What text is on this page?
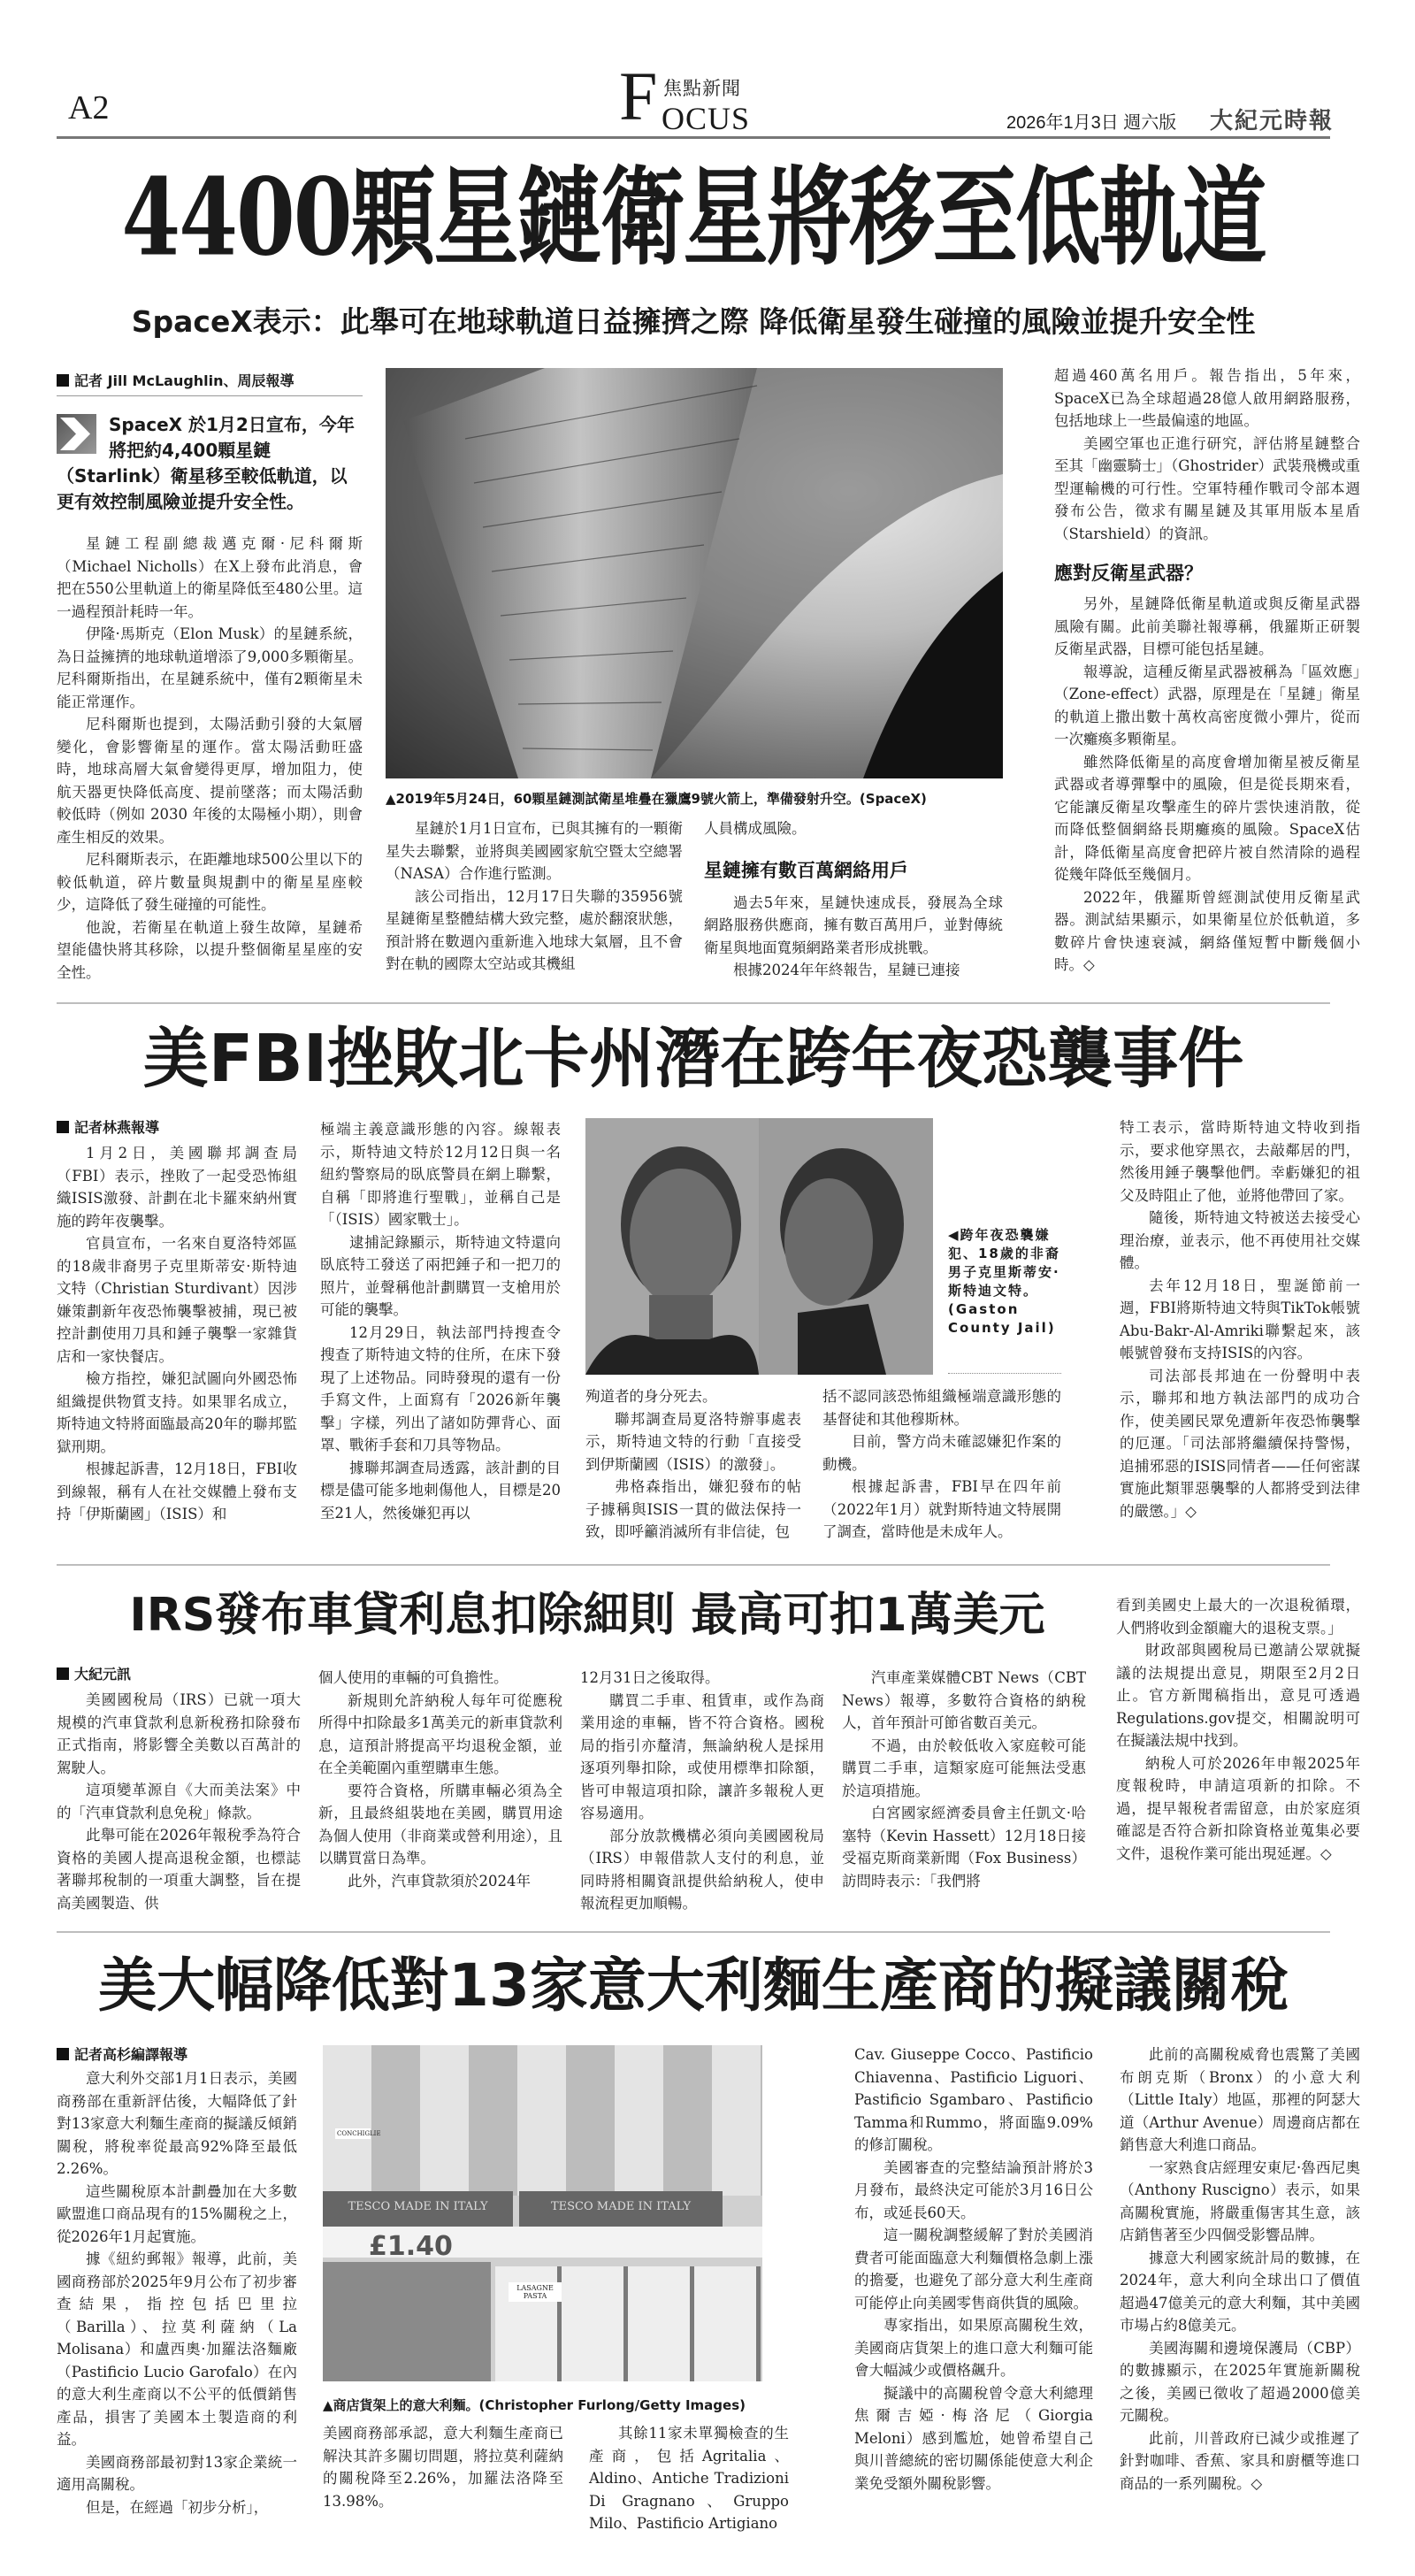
A2	F 焦點新聞
OCUS	2026年1月3日 週六版 大紀元時報
4400顆星鏈衛星將移至低軌道
SpaceX表示：此舉可在地球軌道日益擁擠之際 降低衛星發生碰撞的風險並提升安全性
記者 Jill McLaughlin、周辰報導
SpaceX 於1月2日宣布，今年將把約4,400顆星鏈（Starlink）衛星移至較低軌道，以更有效控制風險並提升安全性。

星鏈工程副總裁邁克爾·尼科爾斯（Michael Nicholls）在X上發布此消息，會把在550公里軌道上的衛星降低至480公里。這一過程預計耗時一年。

伊隆·馬斯克（Elon Musk）的星鏈系統，為日益擁擠的地球軌道增添了9,000多顆衛星。尼科爾斯指出，在星鏈系統中，僅有2顆衛星未能正常運作。

尼科爾斯也提到，太陽活動引發的大氣層變化，會影響衛星的運作。當太陽活動旺盛時，地球高層大氣會變得更厚，增加阻力，使航天器更快降低高度、提前墜落；而太陽活動較低時（例如 2030 年後的太陽極小期），則會產生相反的效果。

尼科爾斯表示，在距離地球500公里以下的較低軌道，碎片數量與規劃中的衛星星座較少，這降低了發生碰撞的可能性。

他說，若衛星在軌道上發生故障，星鏈希望能儘快將其移除，以提升整個衛星星座的安全性。

▲2019年5月24日，60顆星鏈測試衛星堆疊在獵鷹9號火箭上，準備發射升空。(SpaceX)

星鏈於1月1日宣布，已與其擁有的一顆衛星失去聯繫，並將與美國國家航空暨太空總署（NASA）合作進行監測。

該公司指出，12月17日失聯的35956號星鏈衛星整體結構大致完整，處於翻滾狀態，預計將在數週內重新進入地球大氣層，且不會對在軌的國際太空站或其機組

人員構成風險。

星鏈擁有數百萬網絡用戶

過去5年來，星鏈快速成長，發展為全球網路服務供應商，擁有數百萬用戶，並對傳統衛星與地面寬頻網路業者形成挑戰。

根據2024年年終報告，星鏈已連接

超過460萬名用戶。報告指出，5年來，SpaceX已為全球超過28億人啟用網路服務，包括地球上一些最偏遠的地區。

美國空軍也正進行研究，評估將星鏈整合至其「幽靈騎士」（Ghostrider）武裝飛機或重型運輸機的可行性。空軍特種作戰司令部本週發布公告，徵求有關星鏈及其軍用版本星盾（Starshield）的資訊。

應對反衛星武器？

另外，星鏈降低衛星軌道或與反衛星武器風險有關。此前美聯社報導稱，俄羅斯正研製反衛星武器，目標可能包括星鏈。

報導說，這種反衛星武器被稱為「區效應」（Zone-effect）武器，原理是在「星鏈」衛星的軌道上撒出數十萬枚高密度微小彈片，從而一次癱瘓多顆衛星。

雖然降低衛星的高度會增加衛星被反衛星武器或者導彈擊中的風險，但是從長期來看，它能讓反衛星攻擊產生的碎片雲快速消散，從而降低整個網絡長期癱瘓的風險。SpaceX估計，降低衛星高度會把碎片被自然清除的過程從幾年降低至幾個月。

2022年，俄羅斯曾經測試使用反衛星武器。測試結果顯示，如果衛星位於低軌道，多數碎片會快速衰減，網絡僅短暫中斷幾個小時。◇

美FBI挫敗北卡州潛在跨年夜恐襲事件
記者林燕報導

1月2日，美國聯邦調查局（FBI）表示，挫敗了一起受恐怖組織ISIS激發、計劃在北卡羅來納州實施的跨年夜襲擊。

官員宣布，一名來自夏洛特郊區的18歲非裔男子克里斯蒂安·斯特迪文特（Christian Sturdivant）因涉嫌策劃新年夜恐怖襲擊被捕，現已被控計劃使用刀具和錘子襲擊一家雜貨店和一家快餐店。

檢方指控，嫌犯試圖向外國恐怖組織提供物質支持。如果罪名成立，斯特迪文特將面臨最高20年的聯邦監獄刑期。

根據起訴書，12月18日，FBI收到線報，稱有人在社交媒體上發布支持「伊斯蘭國」（ISIS）和

極端主義意識形態的內容。線報表示，斯特迪文特於12月12日與一名紐約警察局的臥底警員在網上聯繫，自稱「即將進行聖戰」，並稱自己是「（ISIS）國家戰士」。

逮捕記錄顯示，斯特迪文特還向臥底特工發送了兩把錘子和一把刀的照片，並聲稱他計劃購買一支槍用於可能的襲擊。

12月29日，執法部門持搜查令搜查了斯特迪文特的住所，在床下發現了上述物品。同時發現的還有一份手寫文件，上面寫有「2026新年襲擊」字樣，列出了諸如防彈背心、面罩、戰術手套和刀具等物品。

據聯邦調查局透露，該計劃的目標是儘可能多地刺傷他人，目標是20至21人，然後嫌犯再以

◀跨年夜恐襲嫌犯、18歲的非裔男子克里斯蒂安·斯特迪文特。(Gaston County Jail)

殉道者的身分死去。

聯邦調查局夏洛特辦事處表示，斯特迪文特的行動「直接受到伊斯蘭國（ISIS）的激發」。

弗格森指出，嫌犯發布的帖子據稱與ISIS一貫的做法保持一致，即呼籲消滅所有非信徒，包

括不認同該恐怖組織極端意識形態的基督徒和其他穆斯林。

目前，警方尚未確認嫌犯作案的動機。

根據起訴書，FBI早在四年前（2022年1月）就對斯特迪文特展開了調查，當時他是未成年人。

特工表示，當時斯特迪文特收到指示，要求他穿黑衣，去敲鄰居的門，然後用錘子襲擊他們。幸虧嫌犯的祖父及時阻止了他，並將他帶回了家。

隨後，斯特迪文特被送去接受心理治療，並表示，他不再使用社交媒體。

去年12月18日，聖誕節前一週，FBI將斯特迪文特與TikTok帳號Abu-Bakr-Al-Amriki聯繫起來，該帳號曾發布支持ISIS的內容。

司法部長邦迪在一份聲明中表示，聯邦和地方執法部門的成功合作，使美國民眾免遭新年夜恐怖襲擊的厄運。「司法部將繼續保持警惕，追捕邪惡的ISIS同情者——任何密謀實施此類罪惡襲擊的人都將受到法律的嚴懲。」◇

IRS發布車貸利息扣除細則 最高可扣1萬美元
大紀元訊

美國國稅局（IRS）已就一項大規模的汽車貸款利息新稅務扣除發布正式指南，將影響全美數以百萬計的駕駛人。

這項變革源自《大而美法案》中的「汽車貸款利息免稅」條款。

此舉可能在2026年報稅季為符合資格的美國人提高退稅金額，也標誌著聯邦稅制的一項重大調整，旨在提高美國製造、供

個人使用的車輛的可負擔性。

新規則允許納稅人每年可從應稅所得中扣除最多1萬美元的新車貸款利息，這預計將提高平均退稅金額，並在全美範圍內重塑購車生態。

要符合資格，所購車輛必須為全新，且最終組裝地在美國，購買用途為個人使用（非商業或營利用途），且以購買當日為準。

此外，汽車貸款須於2024年

12月31日之後取得。

購買二手車、租賃車，或作為商業用途的車輛，皆不符合資格。國稅局的指引亦釐清，無論納稅人是採用逐項列舉扣除，或使用標準扣除額，皆可申報這項扣除，讓許多報稅人更容易適用。

部分放款機構必須向美國國稅局（IRS）申報借款人支付的利息，並同時將相關資訊提供給納稅人，使申報流程更加順暢。

汽車產業媒體CBT News（CBT News）報導，多數符合資格的納稅人，首年預計可節省數百美元。

不過，由於較低收入家庭較可能購買二手車，這類家庭可能無法受惠於這項措施。

白宮國家經濟委員會主任凱文·哈塞特（Kevin Hassett）12月18日接受福克斯商業新聞（Fox Business）訪問時表示：「我們將

看到美國史上最大的一次退稅循環，人們將收到金額龐大的退稅支票。」

財政部與國稅局已邀請公眾就擬議的法規提出意見，期限至2月2日止。官方新聞稿指出，意見可透過Regulations.gov提交，相關說明可在擬議法規中找到。

納稅人可於2026年申報2025年度報稅時，申請這項新的扣除。不過，提早報稅者需留意，由於家庭須確認是否符合新扣除資格並蒐集必要文件，退稅作業可能出現延遲。◇

美大幅降低對13家意大利麵生產商的擬議關稅
記者高杉編譯報導

意大利外交部1月1日表示，美國商務部在重新評估後，大幅降低了針對13家意大利麵生產商的擬議反傾銷關稅，將稅率從最高92%降至最低2.26%。

這些關稅原本計劃疊加在大多數歐盟進口商品現有的15%關稅之上，從2026年1月起實施。

據《紐約郵報》報導，此前，美國商務部於2025年9月公布了初步審查結果，指控包括巴里拉（Barilla）、拉莫利薩納（La Molisana）和盧西奧·加羅法洛麵廠（Pastificio Lucio Garofalo）在內的意大利生產商以不公平的低價銷售產品，損害了美國本土製造商的利益。

美國商務部最初對13家企業統一適用高關稅。

但是，在經過「初步分析」，

TESCO MADE IN ITALY	TESCO MADE IN ITALY
CONCHIGLIE
£1.40
LASAGNE PASTA
▲商店貨架上的意大利麵。(Christopher Furlong/Getty Images)

美國商務部承認，意大利麵生產商已解決其許多關切問題，將拉莫利薩納的關稅降至2.26%，加羅法洛降至13.98%。

其餘11家未單獨檢查的生產商，包括Agritalia、Aldino、Antiche Tradizioni Di Gragnano、Gruppo Milo、Pastificio Artigiano

Cav. Giuseppe Cocco、Pastificio Chiavenna、Pastificio Liguori、Pastificio Sgambaro、Pastificio Tamma和Rummo，將面臨9.09%的修訂關稅。

美國審查的完整結論預計將於3月發布，最終決定可能於3月16日公布，或延長60天。

這一關稅調整緩解了對於美國消費者可能面臨意大利麵價格急劇上漲的擔憂，也避免了部分意大利生產商可能停止向美國零售商供貨的風險。

專家指出，如果原高關稅生效，美國商店貨架上的進口意大利麵可能會大幅減少或價格飆升。

擬議中的高關稅曾令意大利總理焦爾吉婭·梅洛尼（Giorgia Meloni）感到尷尬，她曾希望自己與川普總統的密切關係能使意大利企業免受額外關稅影響。

此前的高關稅威脅也震驚了美國布朗克斯（Bronx）的小意大利（Little Italy）地區，那裡的阿瑟大道（Arthur Avenue）周邊商店都在銷售意大利進口商品。

一家熟食店經理安東尼·魯西尼奧（Anthony Ruscigno）表示，如果高關稅實施，將嚴重傷害其生意，該店銷售著至少四個受影響品牌。

據意大利國家統計局的數據，在2024年，意大利向全球出口了價值超過47億美元的意大利麵，其中美國市場占約8億美元。

美國海關和邊境保護局（CBP）的數據顯示，在2025年實施新關稅之後，美國已徵收了超過2000億美元關稅。

此前，川普政府已減少或推遲了針對咖啡、香蕉、家具和廚櫃等進口商品的一系列關稅。◇
